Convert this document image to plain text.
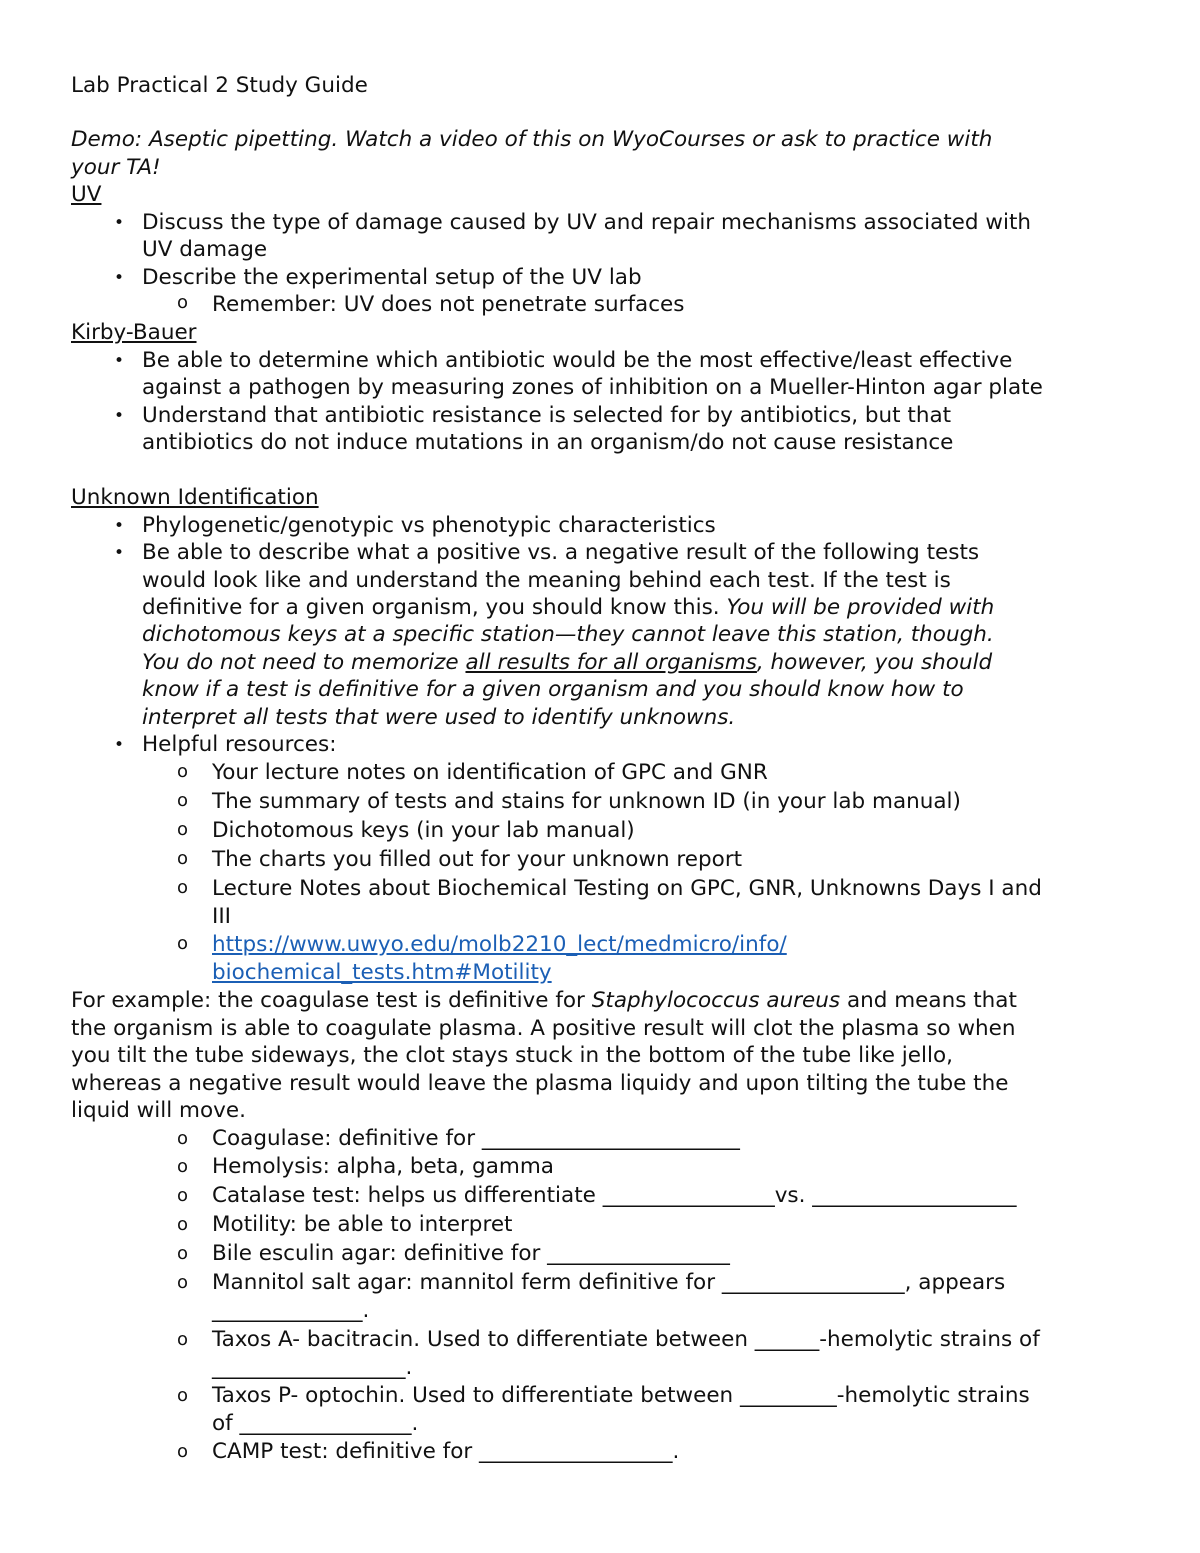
Lab Practical 2 Study Guide
Demo: Aseptic pipetting. Watch a video of this on WyoCourses or ask to practice with
your TA!
UV
• Discuss the type of damage caused by UV and repair mechanisms associated with
UV damage
• Describe the experimental setup of the UV lab
o Remember: UV does not penetrate surfaces
Kirby-Bauer
• Be able to determine which antibiotic would be the most effective/least effective
against a pathogen by measuring zones of inhibition on a Mueller-Hinton agar plate
• Understand that antibiotic resistance is selected for by antibiotics, but that
antibiotics do not induce mutations in an organism/do not cause resistance
Unknown Identification
• Phylogenetic/genotypic vs phenotypic characteristics
• Be able to describe what a positive vs. a negative result of the following tests
would look like and understand the meaning behind each test. If the test is
definitive for a given organism, you should know this. You will be provided with
dichotomous keys at a specific station—they cannot leave this station, though.
You do not need to memorize all results for all organisms, however, you should
know if a test is definitive for a given organism and you should know how to
interpret all tests that were used to identify unknowns.
• Helpful resources:
o Your lecture notes on identification of GPC and GNR
o The summary of tests and stains for unknown ID (in your lab manual)
o Dichotomous keys (in your lab manual)
o The charts you filled out for your unknown report
o Lecture Notes about Biochemical Testing on GPC, GNR, Unknowns Days I and
III
o https://www.uwyo.edu/molb2210_lect/medmicro/info/
biochemical_tests.htm#Motility
For example: the coagulase test is definitive for Staphylococcus aureus and means that
the organism is able to coagulate plasma. A positive result will clot the plasma so when
you tilt the tube sideways, the clot stays stuck in the bottom of the tube like jello,
whereas a negative result would leave the plasma liquidy and upon tilting the tube the
liquid will move.
o Coagulase: definitive for ________________________
o Hemolysis: alpha, beta, gamma
o Catalase test: helps us differentiate ________________vs. ___________________
o Motility: be able to interpret
o Bile esculin agar: definitive for _________________
o Mannitol salt agar: mannitol ferm definitive for _________________, appears
______________.
o Taxos A- bacitracin. Used to differentiate between ______-hemolytic strains of
__________________.
o Taxos P- optochin. Used to differentiate between _________-hemolytic strains
of ________________.
o CAMP test: definitive for __________________.
